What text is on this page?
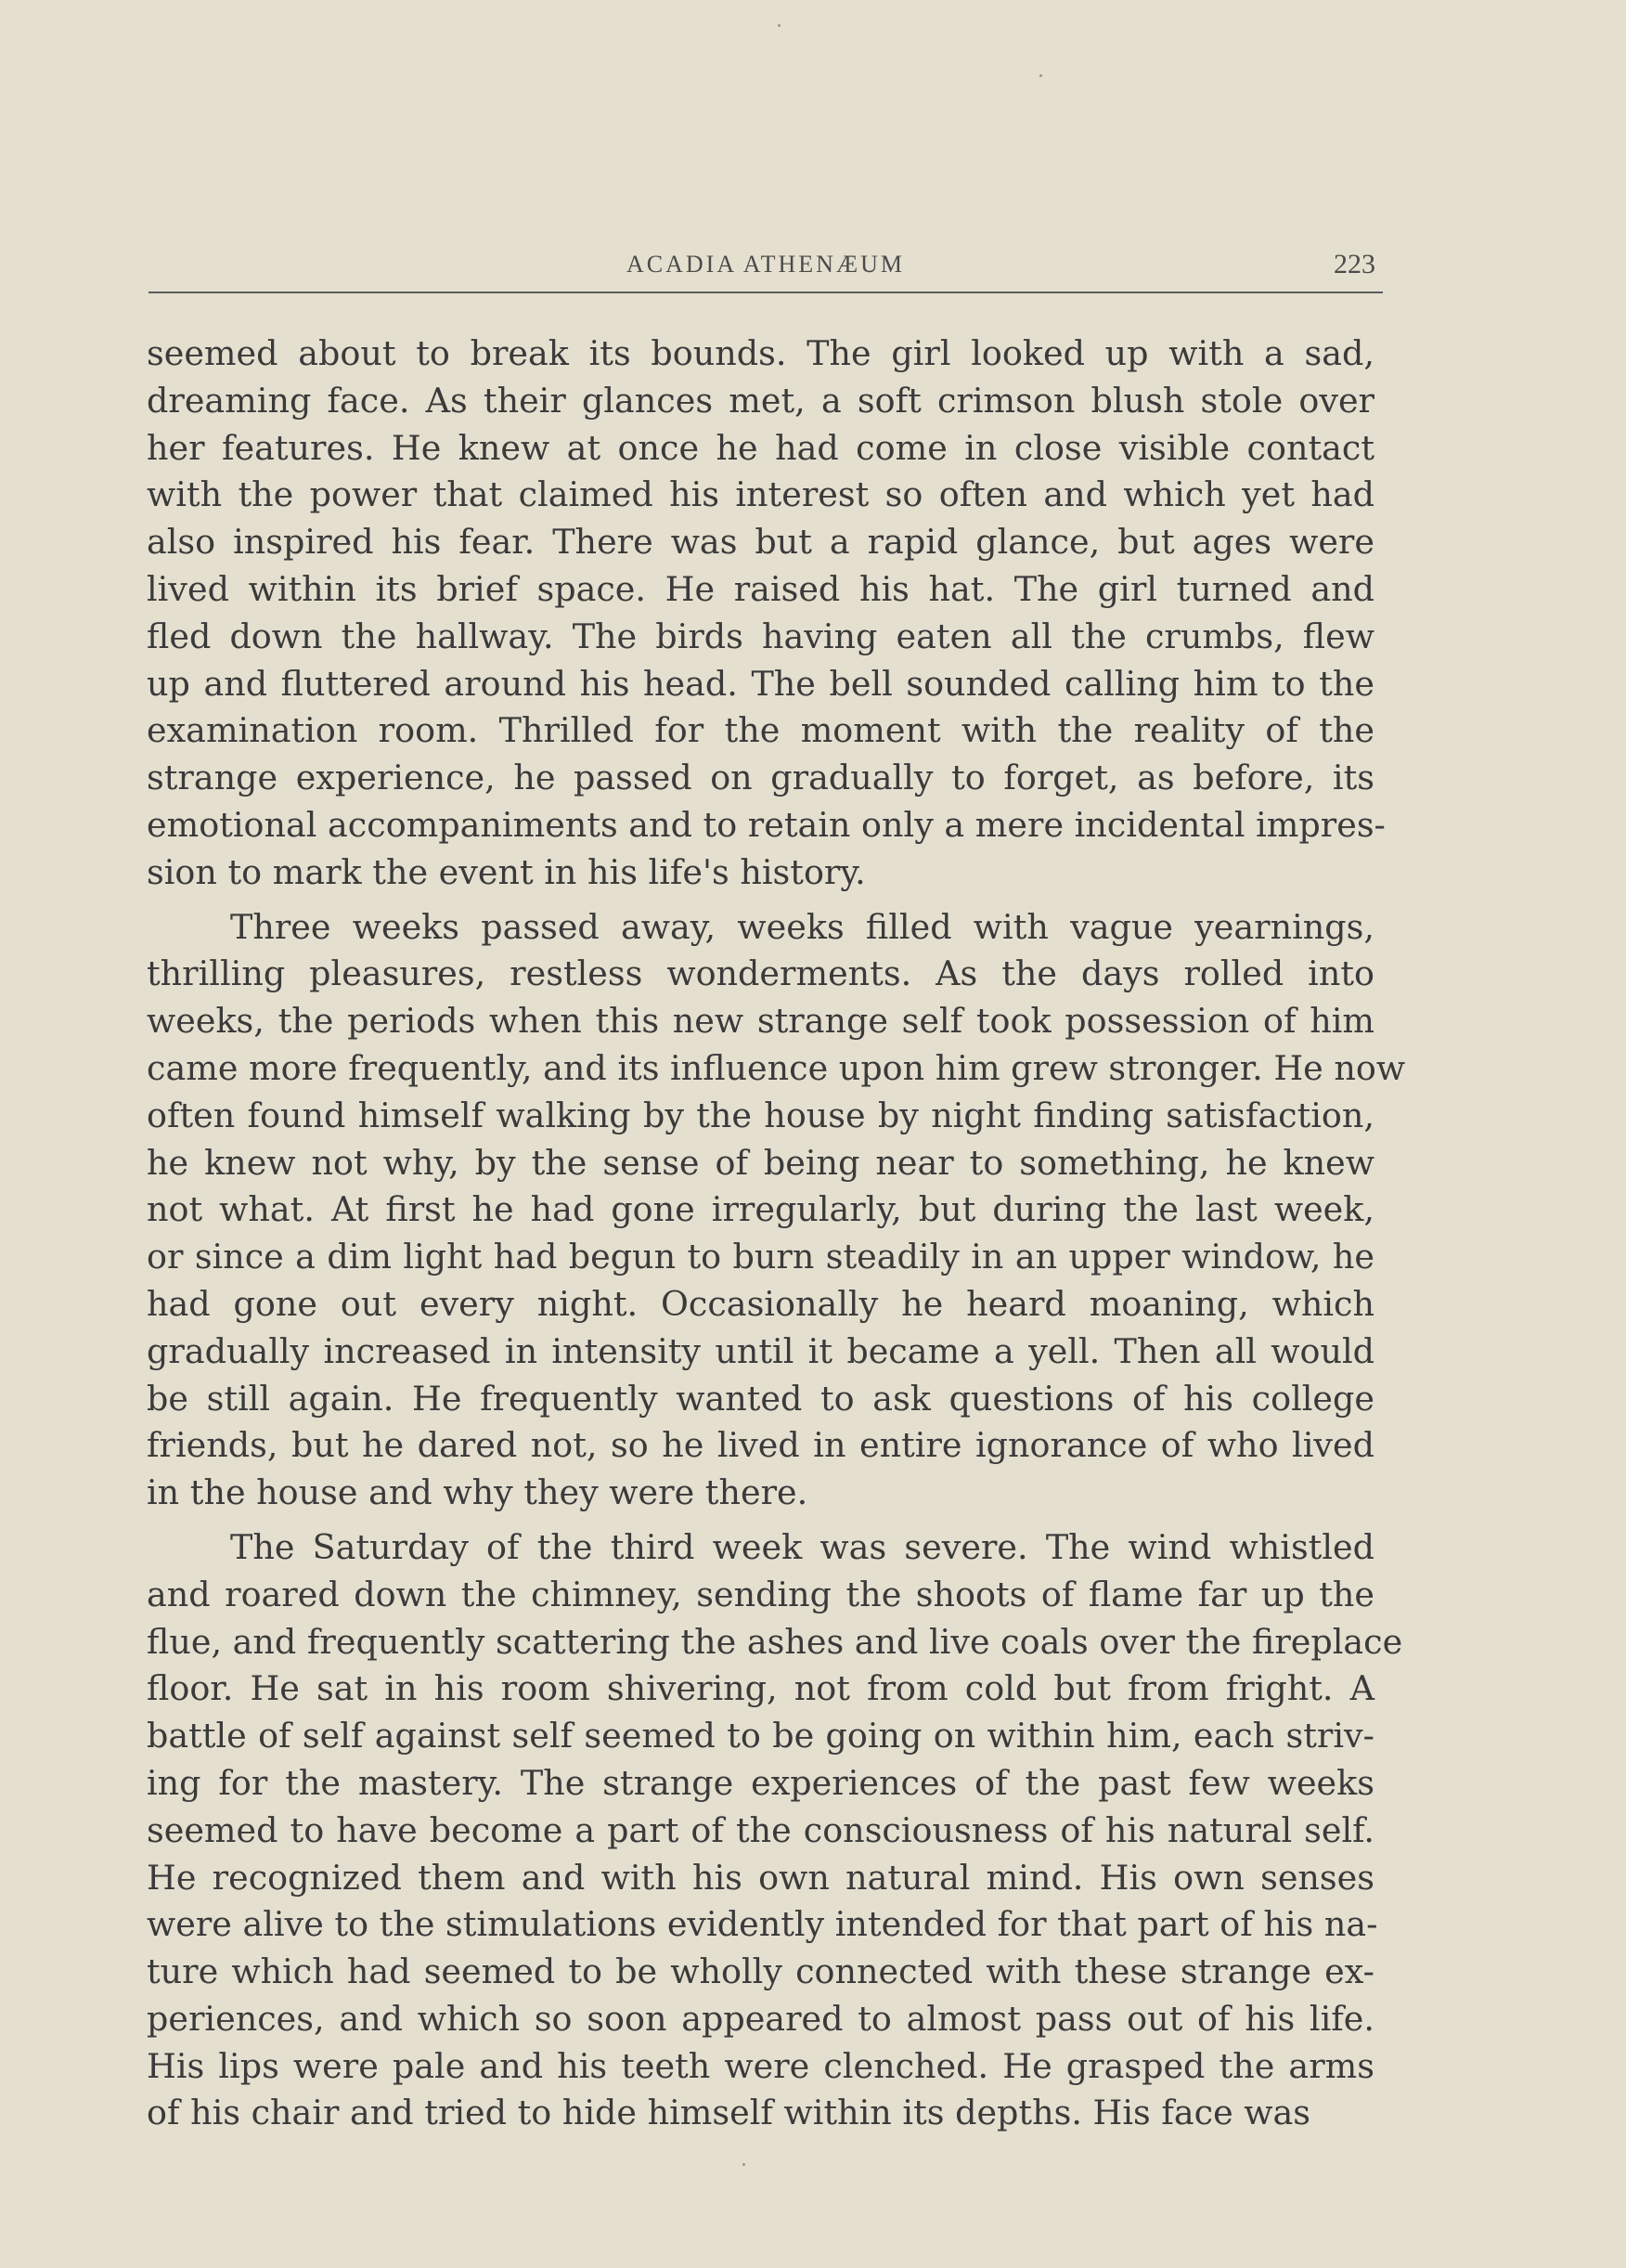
ACADIA ATHENÆUM	223
seemed about to break its bounds. The girl looked up with a sad,
dreaming face. As their glances met, a soft crimson blush stole over
her features. He knew at once he had come in close visible contact
with the power that claimed his interest so often and which yet had
also inspired his fear. There was but a rapid glance, but ages were
lived within its brief space. He raised his hat. The girl turned and
fled down the hallway. The birds having eaten all the crumbs, flew
up and fluttered around his head. The bell sounded calling him to the
examination room. Thrilled for the moment with the reality of the
strange experience, he passed on gradually to forget, as before, its
emotional accompaniments and to retain only a mere incidental impres-
sion to mark the event in his life's history.
Three weeks passed away, weeks filled with vague yearnings,
thrilling pleasures, restless wonderments. As the days rolled into
weeks, the periods when this new strange self took possession of him
came more frequently, and its influence upon him grew stronger. He now
often found himself walking by the house by night finding satisfaction,
he knew not why, by the sense of being near to something, he knew
not what. At first he had gone irregularly, but during the last week,
or since a dim light had begun to burn steadily in an upper window, he
had gone out every night. Occasionally he heard moaning, which
gradually increased in intensity until it became a yell. Then all would
be still again. He frequently wanted to ask questions of his college
friends, but he dared not, so he lived in entire ignorance of who lived
in the house and why they were there.
The Saturday of the third week was severe. The wind whistled
and roared down the chimney, sending the shoots of flame far up the
flue, and frequently scattering the ashes and live coals over the fireplace
floor. He sat in his room shivering, not from cold but from fright. A
battle of self against self seemed to be going on within him, each striv-
ing for the mastery. The strange experiences of the past few weeks
seemed to have become a part of the consciousness of his natural self.
He recognized them and with his own natural mind. His own senses
were alive to the stimulations evidently intended for that part of his na-
ture which had seemed to be wholly connected with these strange ex-
periences, and which so soon appeared to almost pass out of his life.
His lips were pale and his teeth were clenched. He grasped the arms
of his chair and tried to hide himself within its depths. His face was
